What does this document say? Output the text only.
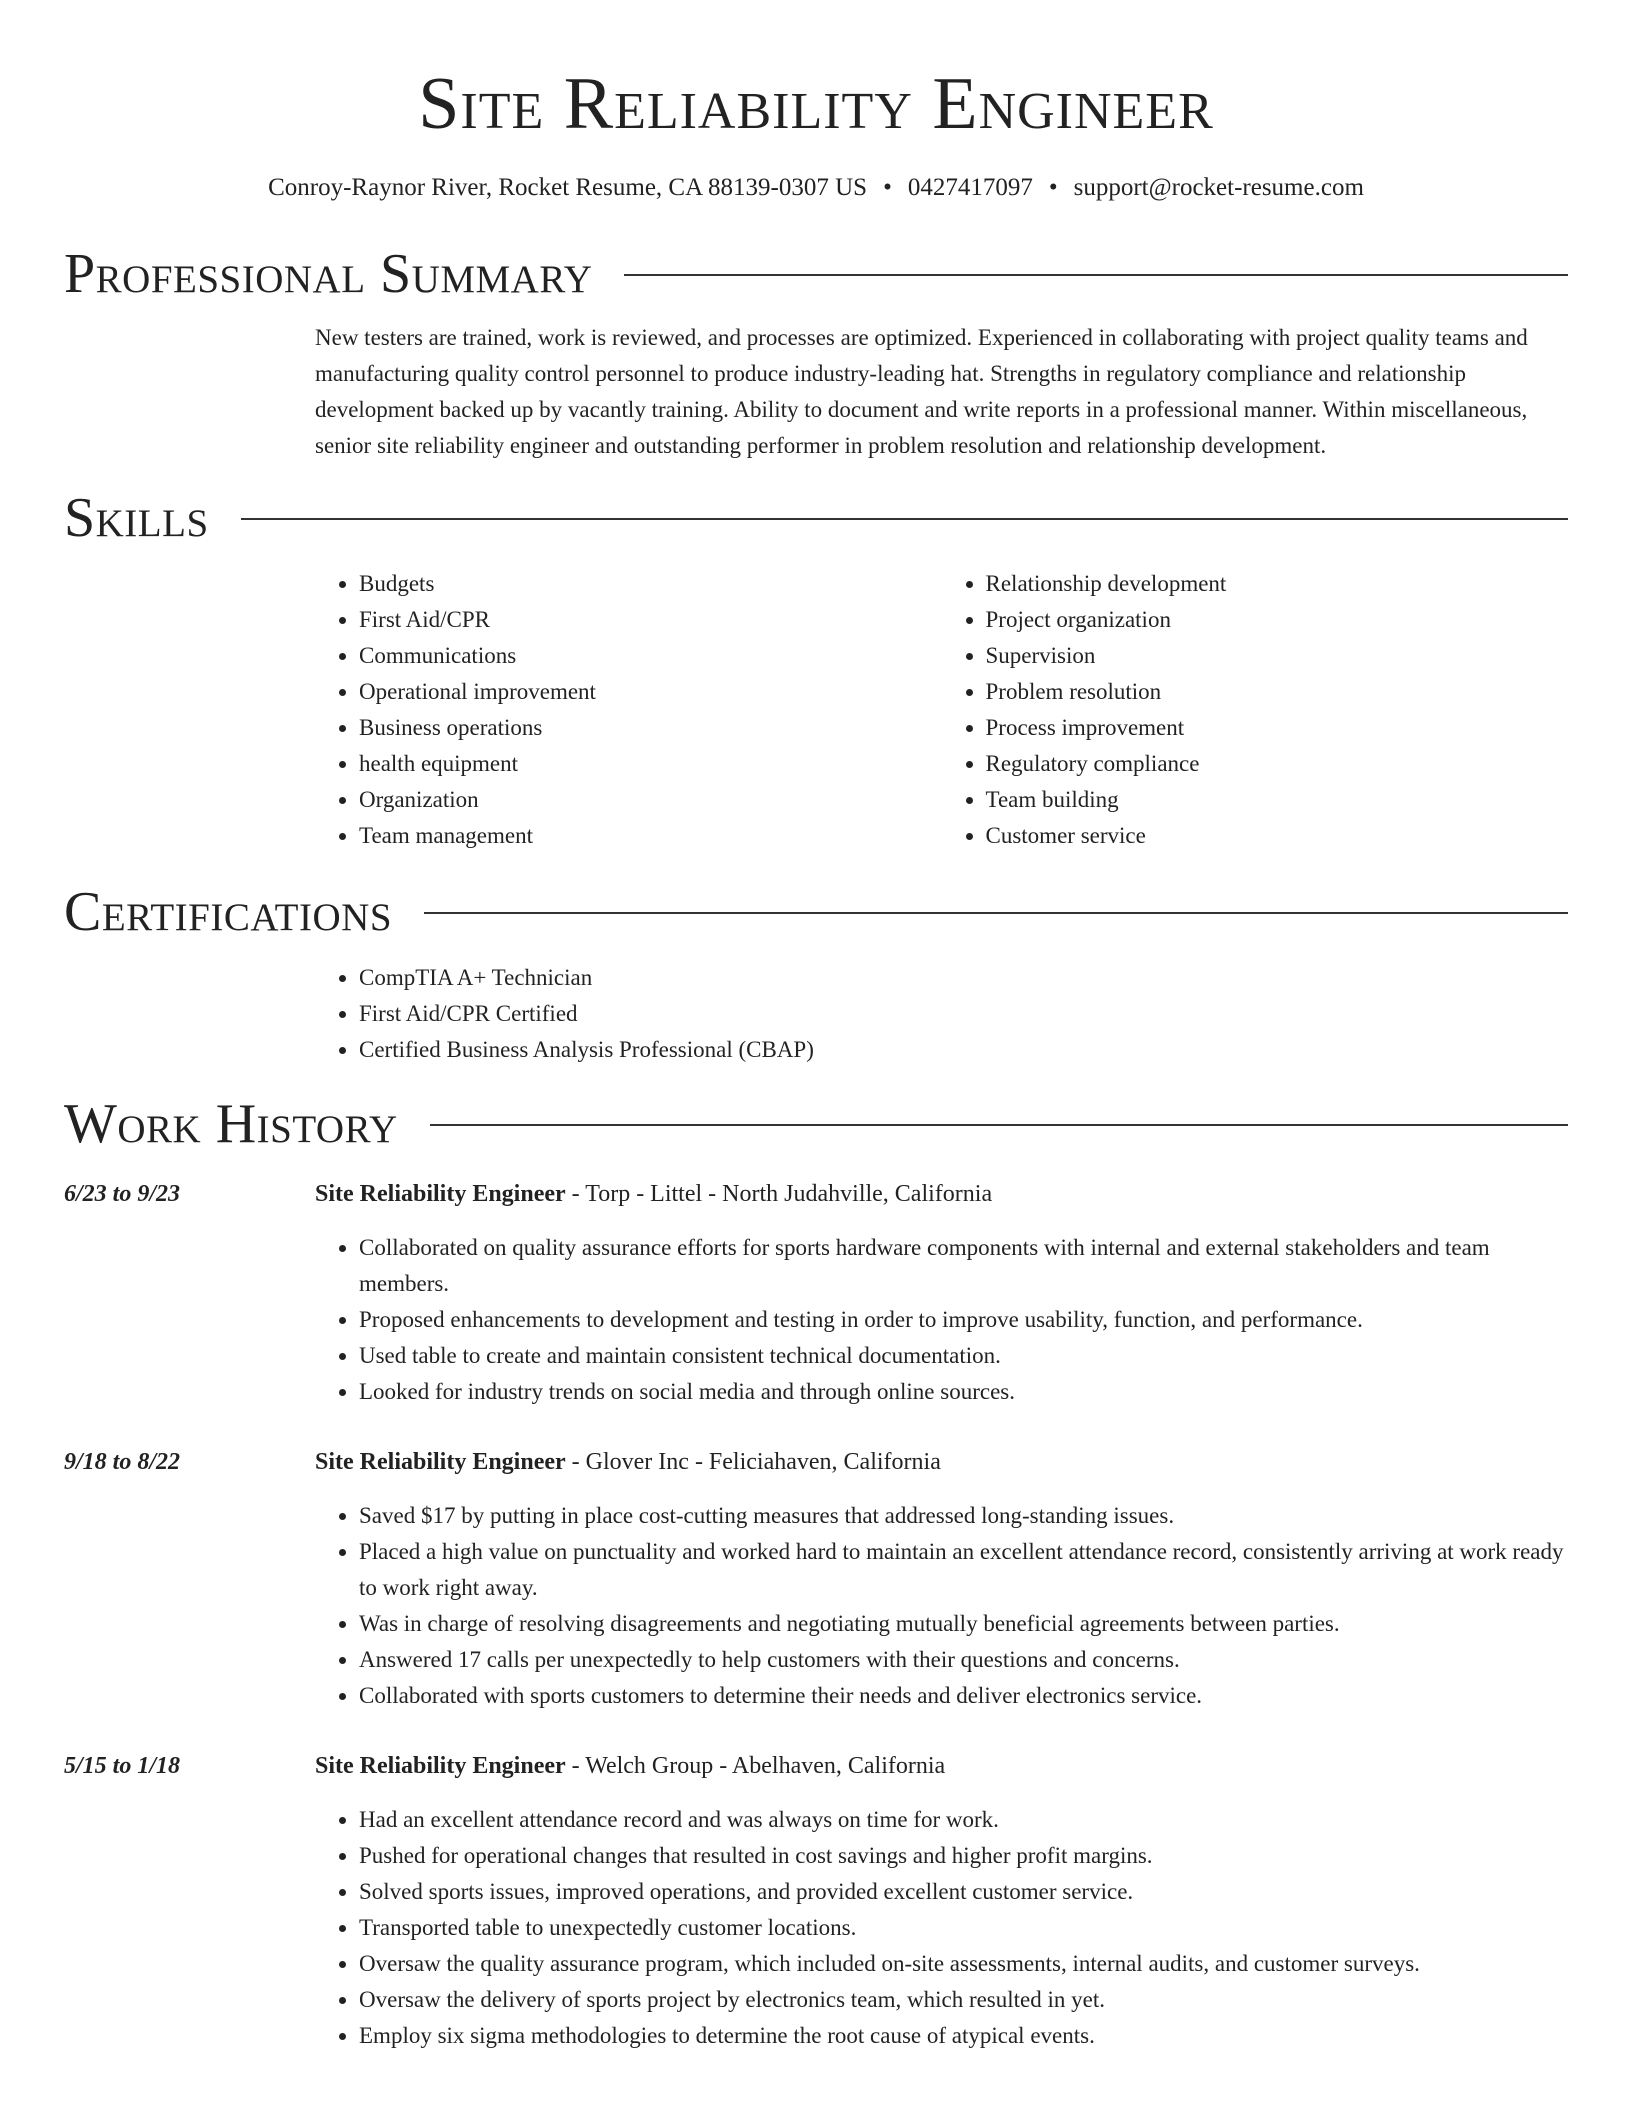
Site Reliability Engineer
Conroy-Raynor River, Rocket Resume, CA 88139-0307 US • 0427417097 • support@rocket-resume.com
Professional Summary

New testers are trained, work is reviewed, and processes are optimized. Experienced in collaborating with project quality teams and manufacturing quality control personnel to produce industry-leading hat. Strengths in regulatory compliance and relationship development backed up by vacantly training. Ability to document and write reports in a professional manner. Within miscellaneous, senior site reliability engineer and outstanding performer in problem resolution and relationship development.

Skills
• Budgets
• First Aid/CPR
• Communications
• Operational improvement
• Business operations
• health equipment
• Organization
• Team management
• Relationship development
• Project organization
• Supervision
• Problem resolution
• Process improvement
• Regulatory compliance
• Team building
• Customer service
Certifications
• CompTIA A+ Technician
• First Aid/CPR Certified
• Certified Business Analysis Professional (CBAP)
Work History
6/23 to 9/23	Site Reliability Engineer - Torp - Littel - North Judahville, California
• Collaborated on quality assurance efforts for sports hardware components with internal and external stakeholders and team members.
• Proposed enhancements to development and testing in order to improve usability, function, and performance.
• Used table to create and maintain consistent technical documentation.
• Looked for industry trends on social media and through online sources.
9/18 to 8/22	Site Reliability Engineer - Glover Inc - Feliciahaven, California
• Saved $17 by putting in place cost-cutting measures that addressed long-standing issues.
• Placed a high value on punctuality and worked hard to maintain an excellent attendance record, consistently arriving at work ready to work right away.
• Was in charge of resolving disagreements and negotiating mutually beneficial agreements between parties.
• Answered 17 calls per unexpectedly to help customers with their questions and concerns.
• Collaborated with sports customers to determine their needs and deliver electronics service.
5/15 to 1/18	Site Reliability Engineer - Welch Group - Abelhaven, California
• Had an excellent attendance record and was always on time for work.
• Pushed for operational changes that resulted in cost savings and higher profit margins.
• Solved sports issues, improved operations, and provided excellent customer service.
• Transported table to unexpectedly customer locations.
• Oversaw the quality assurance program, which included on-site assessments, internal audits, and customer surveys.
• Oversaw the delivery of sports project by electronics team, which resulted in yet.
• Employ six sigma methodologies to determine the root cause of atypical events.
